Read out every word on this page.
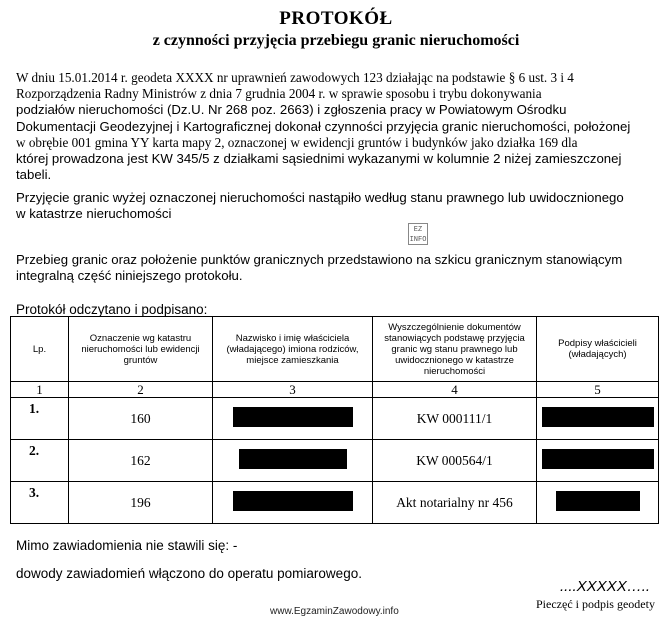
PROTOKÓŁ
z czynności przyjęcia przebiegu granic nieruchomości
W dniu 15.01.2014 r. geodeta XXXX nr uprawnień zawodowych 123 działając na podstawie § 6 ust. 3 i 4
Rozporządzenia Radny Ministrów z dnia 7 grudnia 2004 r. w sprawie sposobu i trybu dokonywania
podziałów nieruchomości (Dz.U. Nr 268 poz. 2663) i zgłoszenia pracy w Powiatowym Ośrodku
Dokumentacji Geodezyjnej i Kartograficznej dokonał czynności przyjęcia granic nieruchomości, położonej
w obrębie 001 gmina YY karta mapy 2, oznaczonej w ewidencji gruntów i budynków jako działka 169 dla
której prowadzona jest KW 345/5 z działkami sąsiednimi wykazanymi w kolumnie 2 niżej zamieszczonej
tabeli.
Przyjęcie granic wyżej oznaczonej nieruchomości nastąpiło według stanu prawnego lub uwidocznionego
w katastrze nieruchomości
EZ INFO
Przebieg granic oraz położenie punktów granicznych przedstawiono na szkicu granicznym stanowiącym
integralną część niniejszego protokołu.
Protokół odczytano i podpisano:
Lp.	Oznaczenie wg katastru nieruchomości lub ewidencji gruntów	Nazwisko i imię właściciela (władającego) imiona rodziców, miejsce zamieszkania	Wyszczególnienie dokumentów stanowiących podstawę przyjęcia granic wg stanu prawnego lub uwidocznionego w katastrze nieruchomości	Podpisy właścicieli (władających)
1	2	3	4	5
1.	160		KW 000111/1	
2.	162		KW 000564/1	
3.	196		Akt notarialny nr 456	
Mimo zawiadomienia nie stawili się: -
dowody zawiadomień włączono do operatu pomiarowego.
....XXXXX…..
Pieczęć i podpis geodety
www.EgzaminZawodowy.info
